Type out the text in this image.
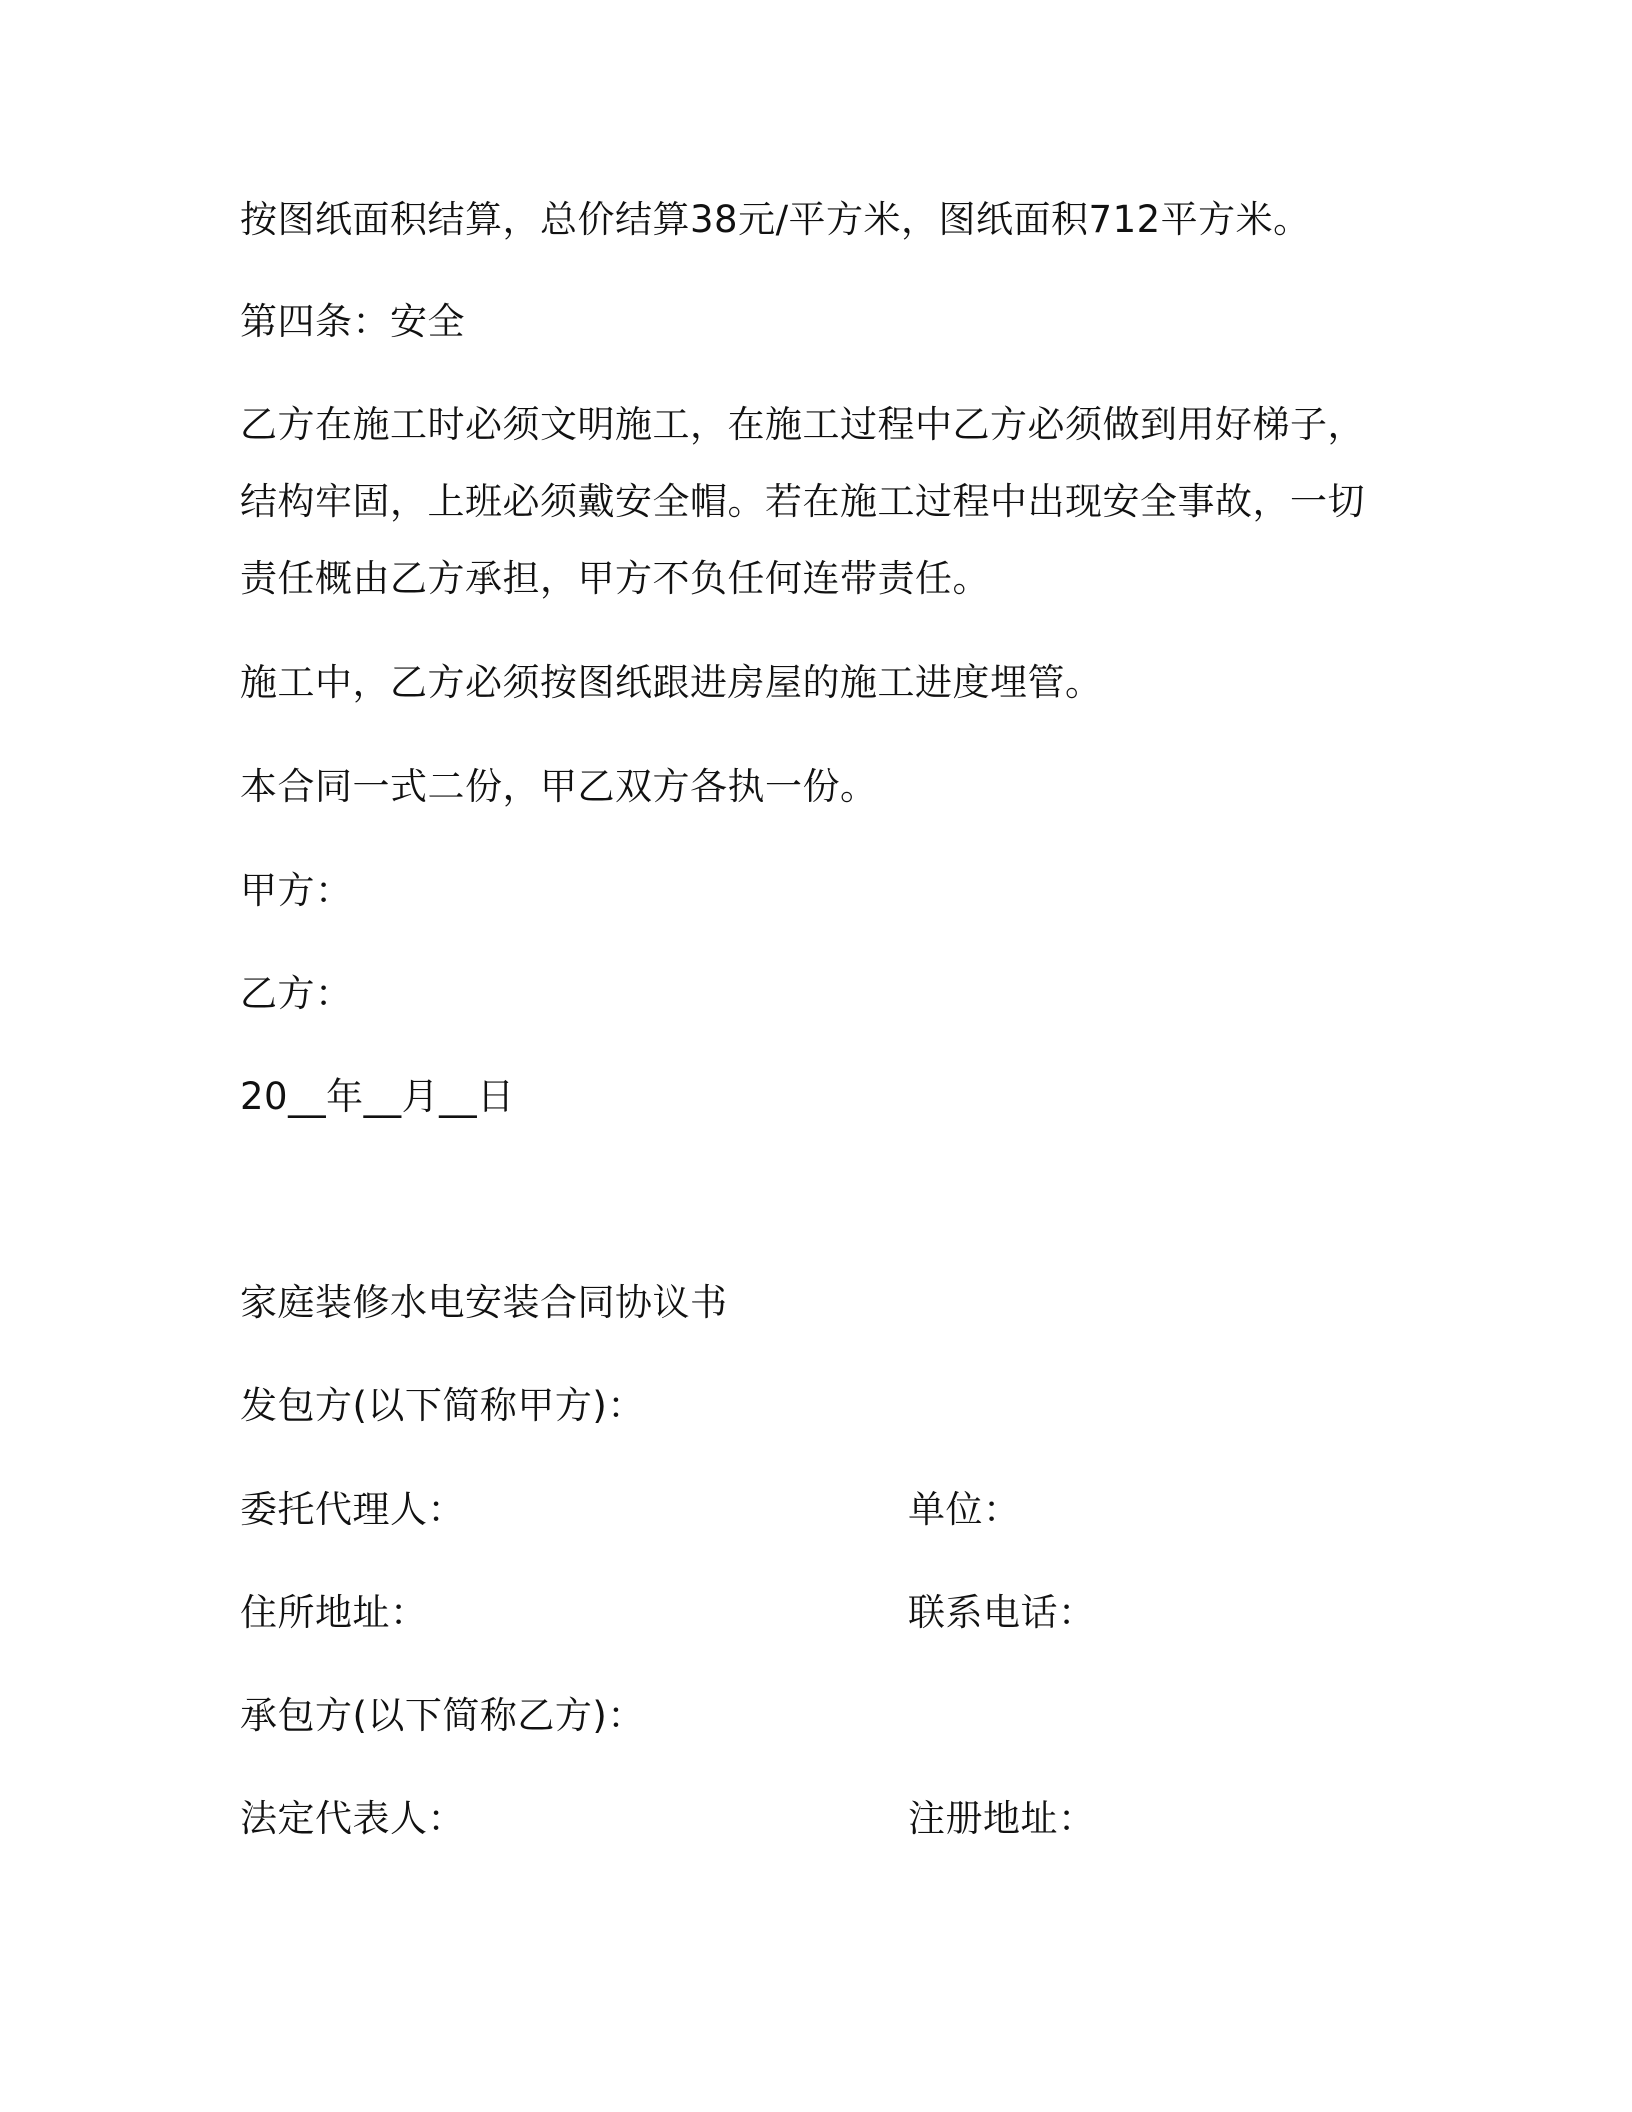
按图纸面积结算，总价结算38元/平方米，图纸面积712平方米。
第四条：安全
乙方在施工时必须文明施工，在施工过程中乙方必须做到用好梯子，
结构牢固，上班必须戴安全帽。若在施工过程中出现安全事故，一切
责任概由乙方承担，甲方不负任何连带责任。
施工中，乙方必须按图纸跟进房屋的施工进度埋管。
本合同一式二份，甲乙双方各执一份。
甲方：
乙方：
20__年__月__日
家庭装修水电安装合同协议书
发包方(以下简称甲方)：
委托代理人：	单位：
住所地址：	联系电话：
承包方(以下简称乙方)：
法定代表人：	注册地址：
